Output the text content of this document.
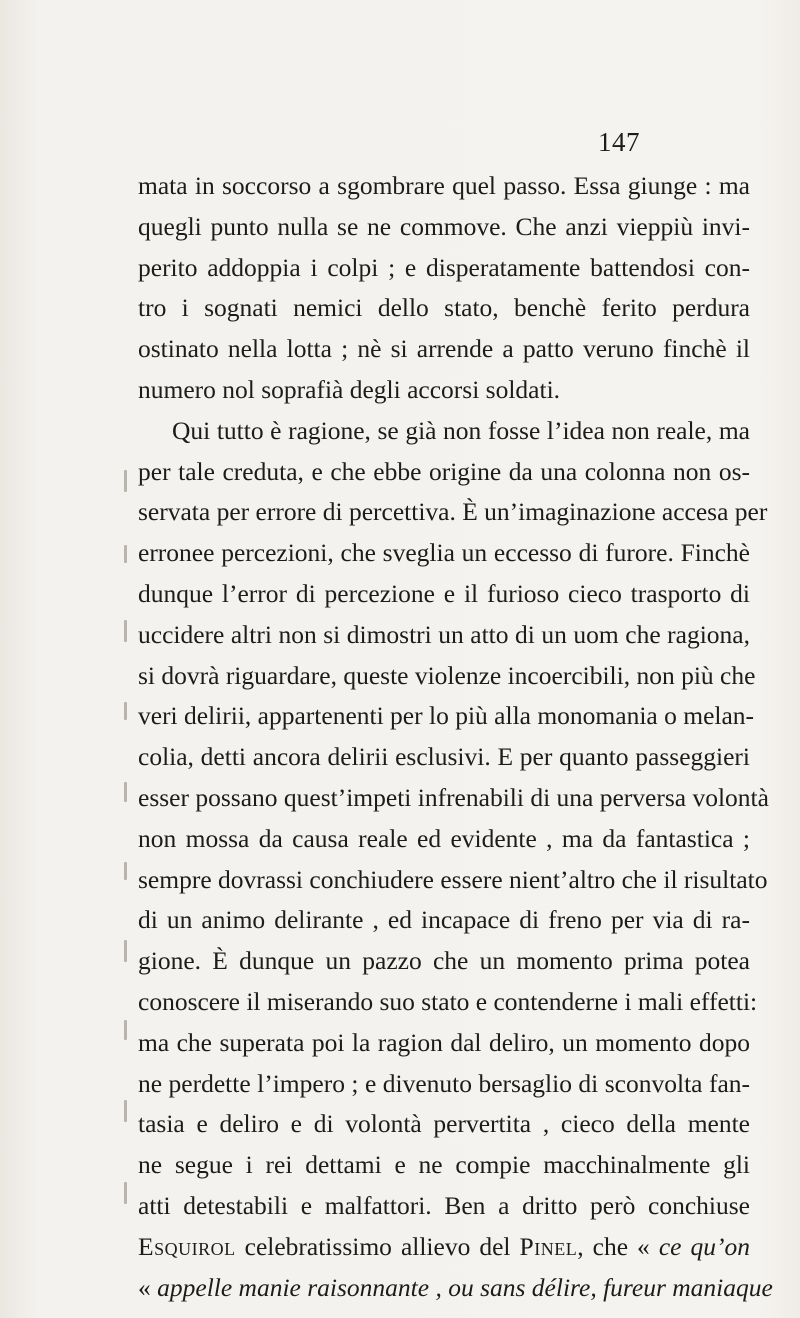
147
mata in soccorso a sgombrare quel passo. Essa giunge : ma
quegli punto nulla se ne commove. Che anzi vieppiù invi-
perito addoppia i colpi ; e disperatamente battendosi con-
tro i sognati nemici dello stato, benchè ferito perdura
ostinato nella lotta ; nè si arrende a patto veruno finchè il
numero nol soprafià degli accorsi soldati.
Qui tutto è ragione, se già non fosse l’idea non reale, ma
per tale creduta, e che ebbe origine da una colonna non os-
servata per errore di percettiva. È un’imaginazione accesa per
erronee percezioni, che sveglia un eccesso di furore. Finchè
dunque l’error di percezione e il furioso cieco trasporto di
uccidere altri non si dimostri un atto di un uom che ragiona,
si dovrà riguardare, queste violenze incoercibili, non più che
veri delirii, appartenenti per lo più alla monomania o melan-
colia, detti ancora delirii esclusivi. E per quanto passeggieri
esser possano quest’impeti infrenabili di una perversa volontà
non mossa da causa reale ed evidente , ma da fantastica ;
sempre dovrassi conchiudere essere nient’altro che il risultato
di un animo delirante , ed incapace di freno per via di ra-
gione. È dunque un pazzo che un momento prima potea
conoscere il miserando suo stato e contenderne i mali effetti:
ma che superata poi la ragion dal deliro, un momento dopo
ne perdette l’impero ; e divenuto bersaglio di sconvolta fan-
tasia e deliro e di volontà pervertita , cieco della mente
ne segue i rei dettami e ne compie macchinalmente gli
atti detestabili e malfattori. Ben a dritto però conchiuse
Esquirol celebratissimo allievo del Pinel, che « ce qu’on
« appelle manie raisonnante , ou sans délire, fureur maniaque
